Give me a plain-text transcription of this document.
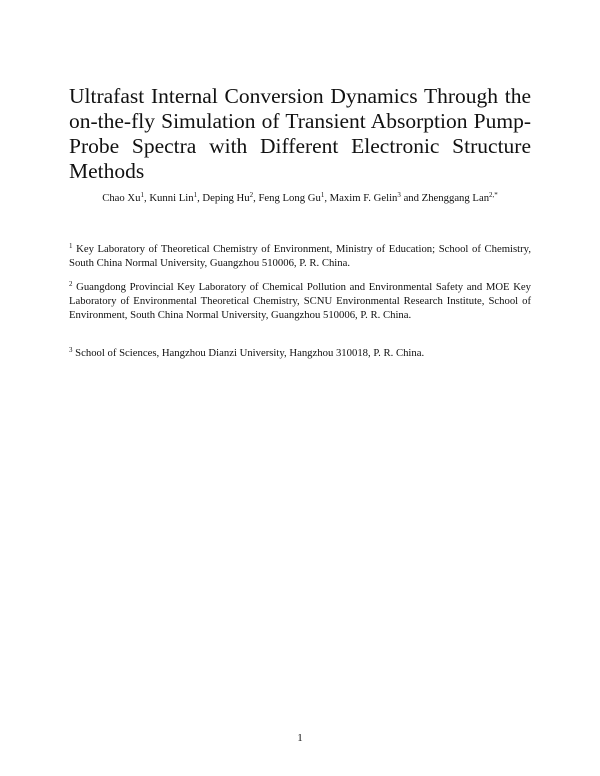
Ultrafast Internal Conversion Dynamics Through the on-the-fly Simulation of Transient Absorption Pump-Probe Spectra with Different Electronic Structure Methods
Chao Xu$^1$, Kunni Lin$^1$, Deping Hu$^2$, Feng Long Gu$^1$, Maxim F. Gelin$^3$ and Zhenggang Lan$^{2,*}$

$^1$ Key Laboratory of Theoretical Chemistry of Environment, Ministry of Education; School of Chemistry, South China Normal University, Guangzhou 510006, P. R. China.

$^2$ Guangdong Provincial Key Laboratory of Chemical Pollution and Environmental Safety and MOE Key Laboratory of Environmental Theoretical Chemistry, SCNU Environmental Research Institute, School of Environment, South China Normal University, Guangzhou 510006, P. R. China.

$^3$ School of Sciences, Hangzhou Dianzi University, Hangzhou 310018, P. R. China.

1
